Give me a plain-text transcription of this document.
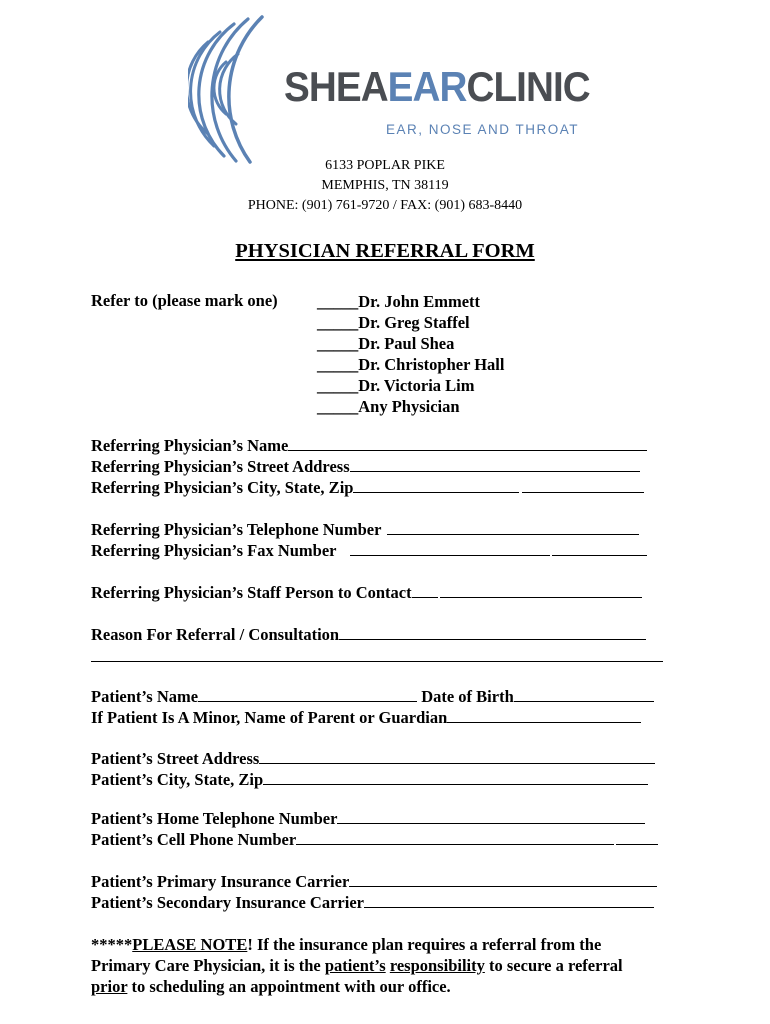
SHEAEARCLINIC
EAR, NOSE AND THROAT
6133 POPLAR PIKE
MEMPHIS, TN 38119
PHONE: (901) 761-9720 / FAX: (901) 683-8440
PHYSICIAN REFERRAL FORM
Refer to (please mark one) _____Dr. John Emmett
_____Dr. Greg Staffel
_____Dr. Paul Shea
_____Dr. Christopher Hall
_____Dr. Victoria Lim
_____Any Physician
Referring Physician’s Name
Referring Physician’s Street Address
Referring Physician’s City, State, Zip
Referring Physician’s Telephone Number
Referring Physician’s Fax Number
Referring Physician’s Staff Person to Contact
Reason For Referral / Consultation
Patient’s Name	Date of Birth
If Patient Is A Minor, Name of Parent or Guardian
Patient’s Street Address
Patient’s City, State, Zip
Patient’s Home Telephone Number
Patient’s Cell Phone Number
Patient’s Primary Insurance Carrier
Patient’s Secondary Insurance Carrier
*****PLEASE NOTE! If the insurance plan requires a referral from the
Primary Care Physician, it is the patient’s responsibility to secure a referral
prior to scheduling an appointment with our office.
